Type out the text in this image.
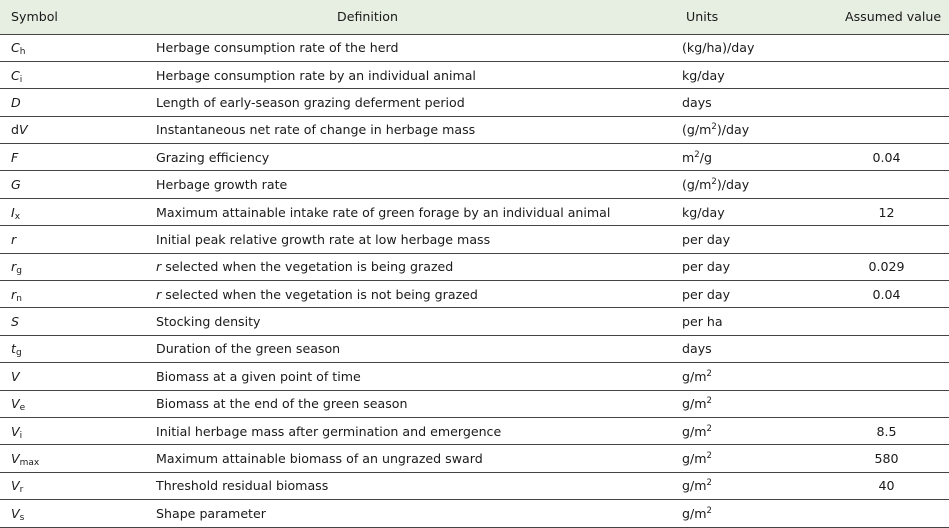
Symbol	Definition	Units	Assumed value
$C_h$	Herbage consumption rate of the herd	(kg/ha)/day	
$C_i$	Herbage consumption rate by an individual animal	kg/day	
D	Length of early-season grazing deferment period	days	
dV	Instantaneous net rate of change in herbage mass	$(g/m^2)$/day	
F	Grazing efficiency	$m^2/g$	0.04
G	Herbage growth rate	$(g/m^2)$/day	
$I_x$	Maximum attainable intake rate of green forage by an individual animal	kg/day	12
r	Initial peak relative growth rate at low herbage mass	per day	
$r_g$	r selected when the vegetation is being grazed	per day	0.029
$r_n$	r selected when the vegetation is not being grazed	per day	0.04
S	Stocking density	per ha	
$t_g$	Duration of the green season	days	
V	Biomass at a given point of time	$g/m^2$	
$V_e$	Biomass at the end of the green season	$g/m^2$	
$V_i$	Initial herbage mass after germination and emergence	$g/m^2$	8.5
$V_{max}$	Maximum attainable biomass of an ungrazed sward	$g/m^2$	580
$V_r$	Threshold residual biomass	$g/m^2$	40
$V_s$	Shape parameter	$g/m^2$	
